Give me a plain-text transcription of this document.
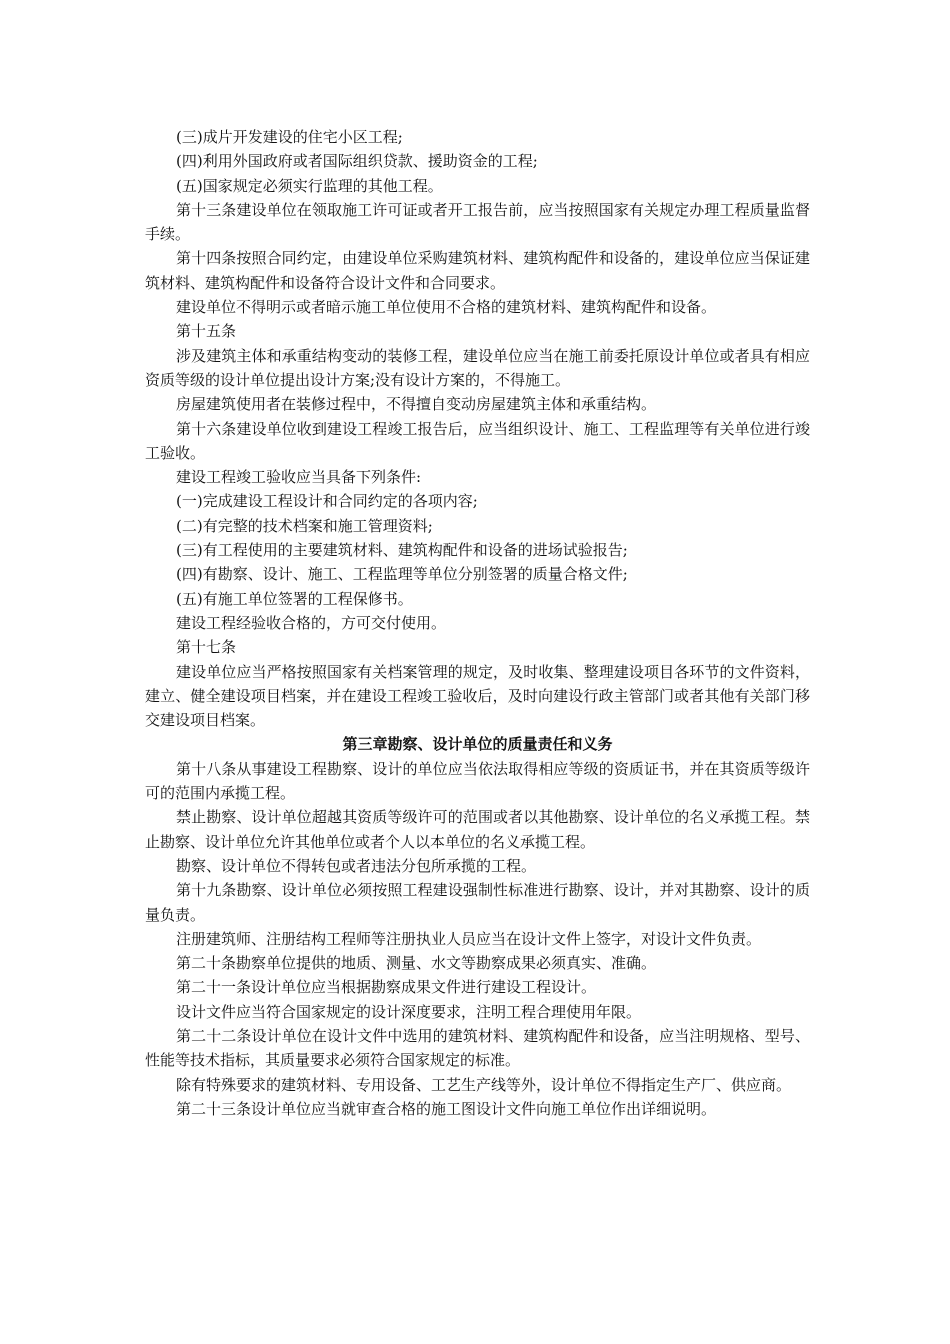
(三)成片开发建设的住宅小区工程;

(四)利用外国政府或者国际组织贷款、援助资金的工程;

(五)国家规定必须实行监理的其他工程。

第十三条建设单位在领取施工许可证或者开工报告前，应当按照国家有关规定办理工程质量监督手续。

第十四条按照合同约定，由建设单位采购建筑材料、建筑构配件和设备的，建设单位应当保证建筑材料、建筑构配件和设备符合设计文件和合同要求。

建设单位不得明示或者暗示施工单位使用不合格的建筑材料、建筑构配件和设备。

第十五条

涉及建筑主体和承重结构变动的装修工程，建设单位应当在施工前委托原设计单位或者具有相应资质等级的设计单位提出设计方案;没有设计方案的，不得施工。

房屋建筑使用者在装修过程中，不得擅自变动房屋建筑主体和承重结构。

第十六条建设单位收到建设工程竣工报告后，应当组织设计、施工、工程监理等有关单位进行竣工验收。

建设工程竣工验收应当具备下列条件:

(一)完成建设工程设计和合同约定的各项内容;

(二)有完整的技术档案和施工管理资料;

(三)有工程使用的主要建筑材料、建筑构配件和设备的进场试验报告;

(四)有勘察、设计、施工、工程监理等单位分别签署的质量合格文件;

(五)有施工单位签署的工程保修书。

建设工程经验收合格的，方可交付使用。

第十七条

建设单位应当严格按照国家有关档案管理的规定，及时收集、整理建设项目各环节的文件资料，建立、健全建设项目档案，并在建设工程竣工验收后，及时向建设行政主管部门或者其他有关部门移交建设项目档案。

第三章勘察、设计单位的质量责任和义务

第十八条从事建设工程勘察、设计的单位应当依法取得相应等级的资质证书，并在其资质等级许可的范围内承揽工程。

禁止勘察、设计单位超越其资质等级许可的范围或者以其他勘察、设计单位的名义承揽工程。禁止勘察、设计单位允许其他单位或者个人以本单位的名义承揽工程。

勘察、设计单位不得转包或者违法分包所承揽的工程。

第十九条勘察、设计单位必须按照工程建设强制性标准进行勘察、设计，并对其勘察、设计的质量负责。

注册建筑师、注册结构工程师等注册执业人员应当在设计文件上签字，对设计文件负责。

第二十条勘察单位提供的地质、测量、水文等勘察成果必须真实、准确。

第二十一条设计单位应当根据勘察成果文件进行建设工程设计。

设计文件应当符合国家规定的设计深度要求，注明工程合理使用年限。

第二十二条设计单位在设计文件中选用的建筑材料、建筑构配件和设备，应当注明规格、型号、性能等技术指标，其质量要求必须符合国家规定的标准。

除有特殊要求的建筑材料、专用设备、工艺生产线等外，设计单位不得指定生产厂、供应商。

第二十三条设计单位应当就审查合格的施工图设计文件向施工单位作出详细说明。
